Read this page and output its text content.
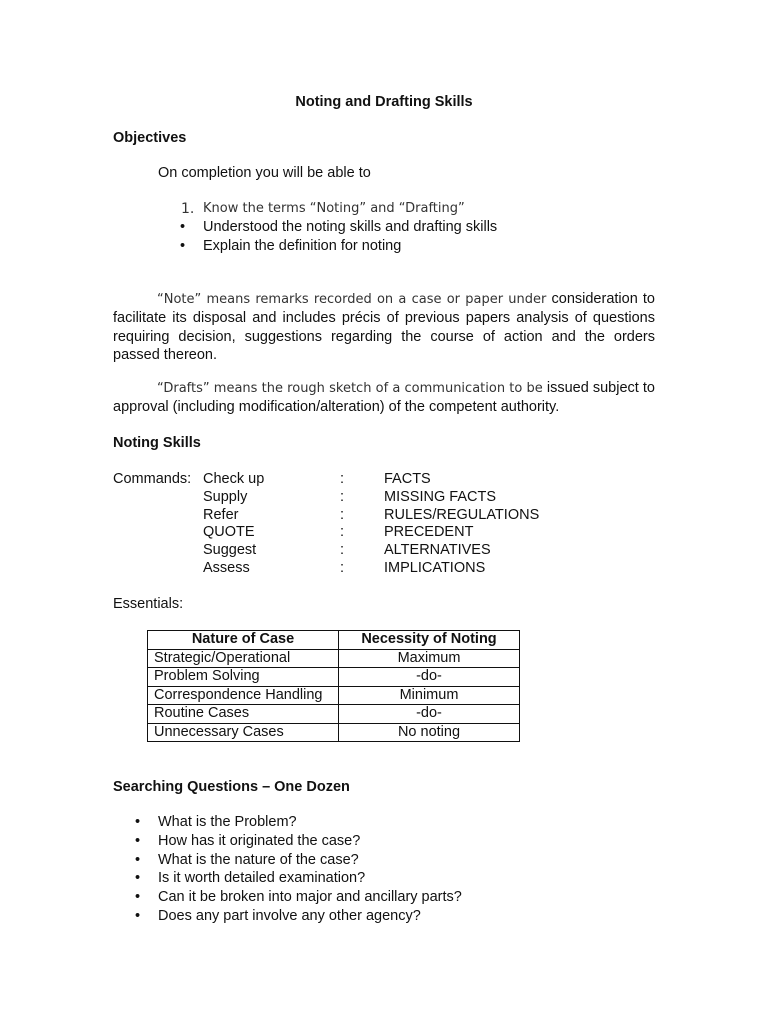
Noting and Drafting Skills
Objectives
On completion you will be able to
1. Know the terms “Noting” and “Drafting”
• Understood the noting skills and drafting skills
• Explain the definition for noting
“Note” means remarks recorded on a case or paper under consideration to facilitate its disposal and includes précis of previous papers analysis of questions requiring decision, suggestions regarding the course of action and the orders passed thereon.
“Drafts” means the rough sketch of a communication to be issued subject to approval (including modification/alteration) of the competent authority.
Noting Skills
Commands: Check up	:	FACTS
Supply	:	MISSING FACTS
Refer	:	RULES/REGULATIONS
QUOTE	:	PRECEDENT
Suggest	:	ALTERNATIVES
Assess	:	IMPLICATIONS
Essentials:
Nature of Case	Necessity of Noting
Strategic/Operational	Maximum
Problem Solving	-do-
Correspondence Handling	Minimum
Routine Cases	-do-
Unnecessary Cases	No noting
Searching Questions – One Dozen
• What is the Problem?
• How has it originated the case?
• What is the nature of the case?
• Is it worth detailed examination?
• Can it be broken into major and ancillary parts?
• Does any part involve any other agency?
